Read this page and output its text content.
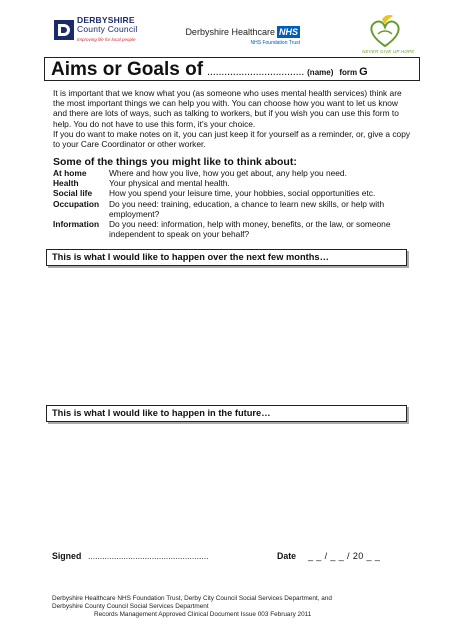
DERBYSHIRE
County Council
Improving life for local people
Derbyshire Healthcare NHS
NHS Foundation Trust
NEVER GIVE UP HOPE
Aims or Goals of .................................. (name) form G

It is important that we know what you (as someone who uses mental health services) think are the most important things we can help you with. You can choose how you want to let us know and there are lots of ways, such as talking to workers, but if you wish you can use this form to help. You do not have to use this form, it's your choice.

If you do want to make notes on it, you can just keep it for yourself as a reminder, or, give a copy to your Care Coordinator or other worker.

Some of the things you might like to think about:
At home	Where and how you live, how you get about, any help you need.
Health	Your physical and mental health.
Social life	How you spend your leisure time, your hobbies, social opportunities etc.
Occupation	Do you need: training, education, a chance to learn new skills, or help with employment?
Information	Do you need: information, help with money, benefits, or the law, or someone independent to speak on your behalf?
This is what I would like to happen over the next few months…
This is what I would like to happen in the future…
Signed ...................................................	Date _ _ / _ _ / 20 _ _

Derbyshire Healthcare NHS Foundation Trust, Derby City Council Social Services Department, and

Derbyshire County Council Social Services Department

Records Management Approved Clinical Document Issue 003 February 2011
